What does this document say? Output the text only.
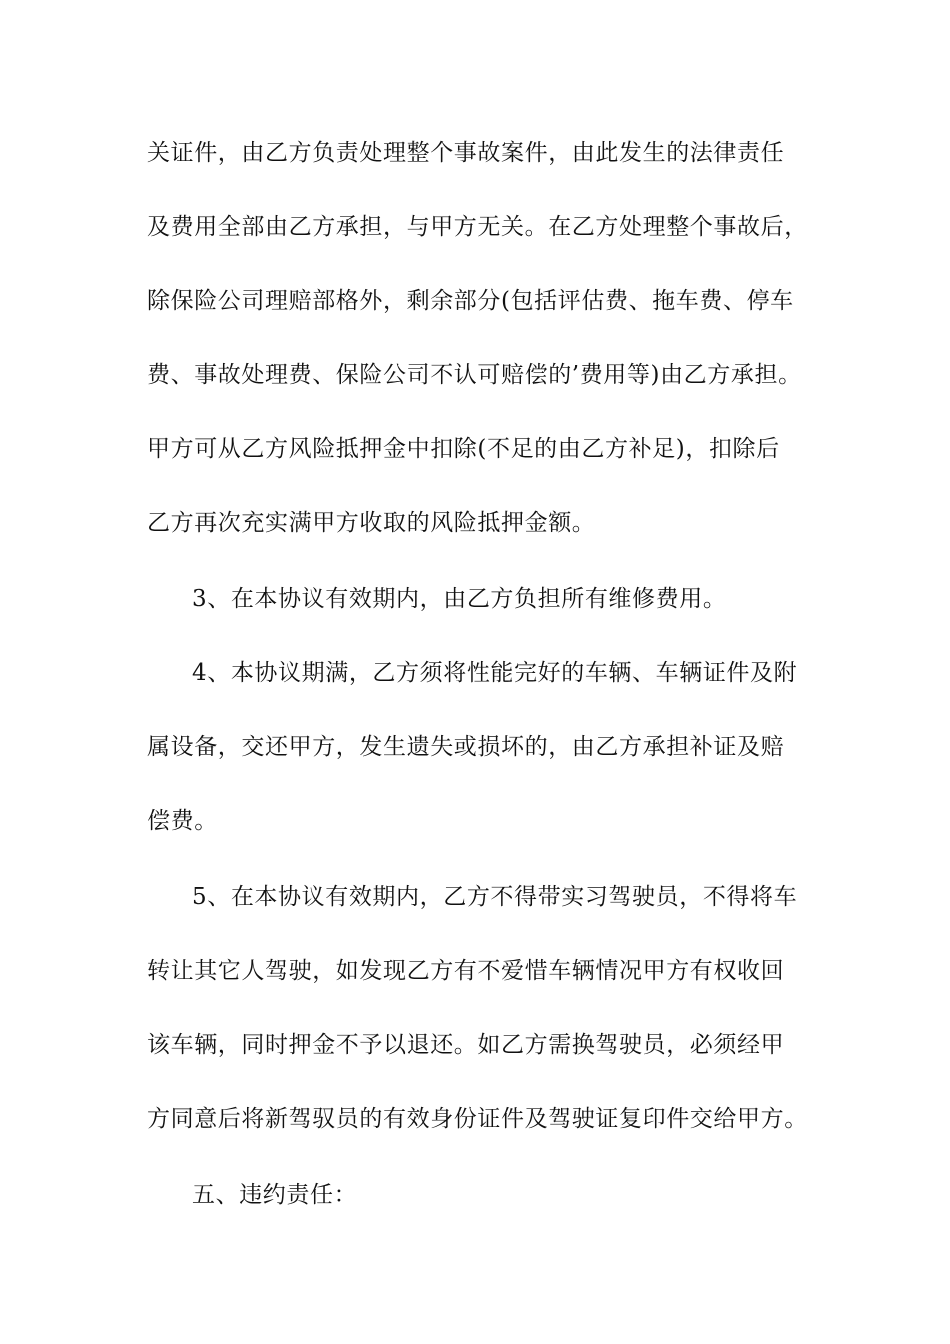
关证件，由乙方负责处理整个事故案件，由此发生的法律责任
及费用全部由乙方承担，与甲方无关。在乙方处理整个事故后，
除保险公司理赔部格外，剩余部分(包括评估费、拖车费、停车
费、事故处理费、保险公司不认可赔偿的’费用等)由乙方承担。
甲方可从乙方风险抵押金中扣除(不足的由乙方补足)，扣除后
乙方再次充实满甲方收取的风险抵押金额。
3、在本协议有效期内，由乙方负担所有维修费用。
4、本协议期满，乙方须将性能完好的车辆、车辆证件及附
属设备，交还甲方，发生遗失或损坏的，由乙方承担补证及赔
偿费。
5、在本协议有效期内，乙方不得带实习驾驶员，不得将车
转让其它人驾驶，如发现乙方有不爱惜车辆情况甲方有权收回
该车辆，同时押金不予以退还。如乙方需换驾驶员，必须经甲
方同意后将新驾驭员的有效身份证件及驾驶证复印件交给甲方。
五、违约责任：
